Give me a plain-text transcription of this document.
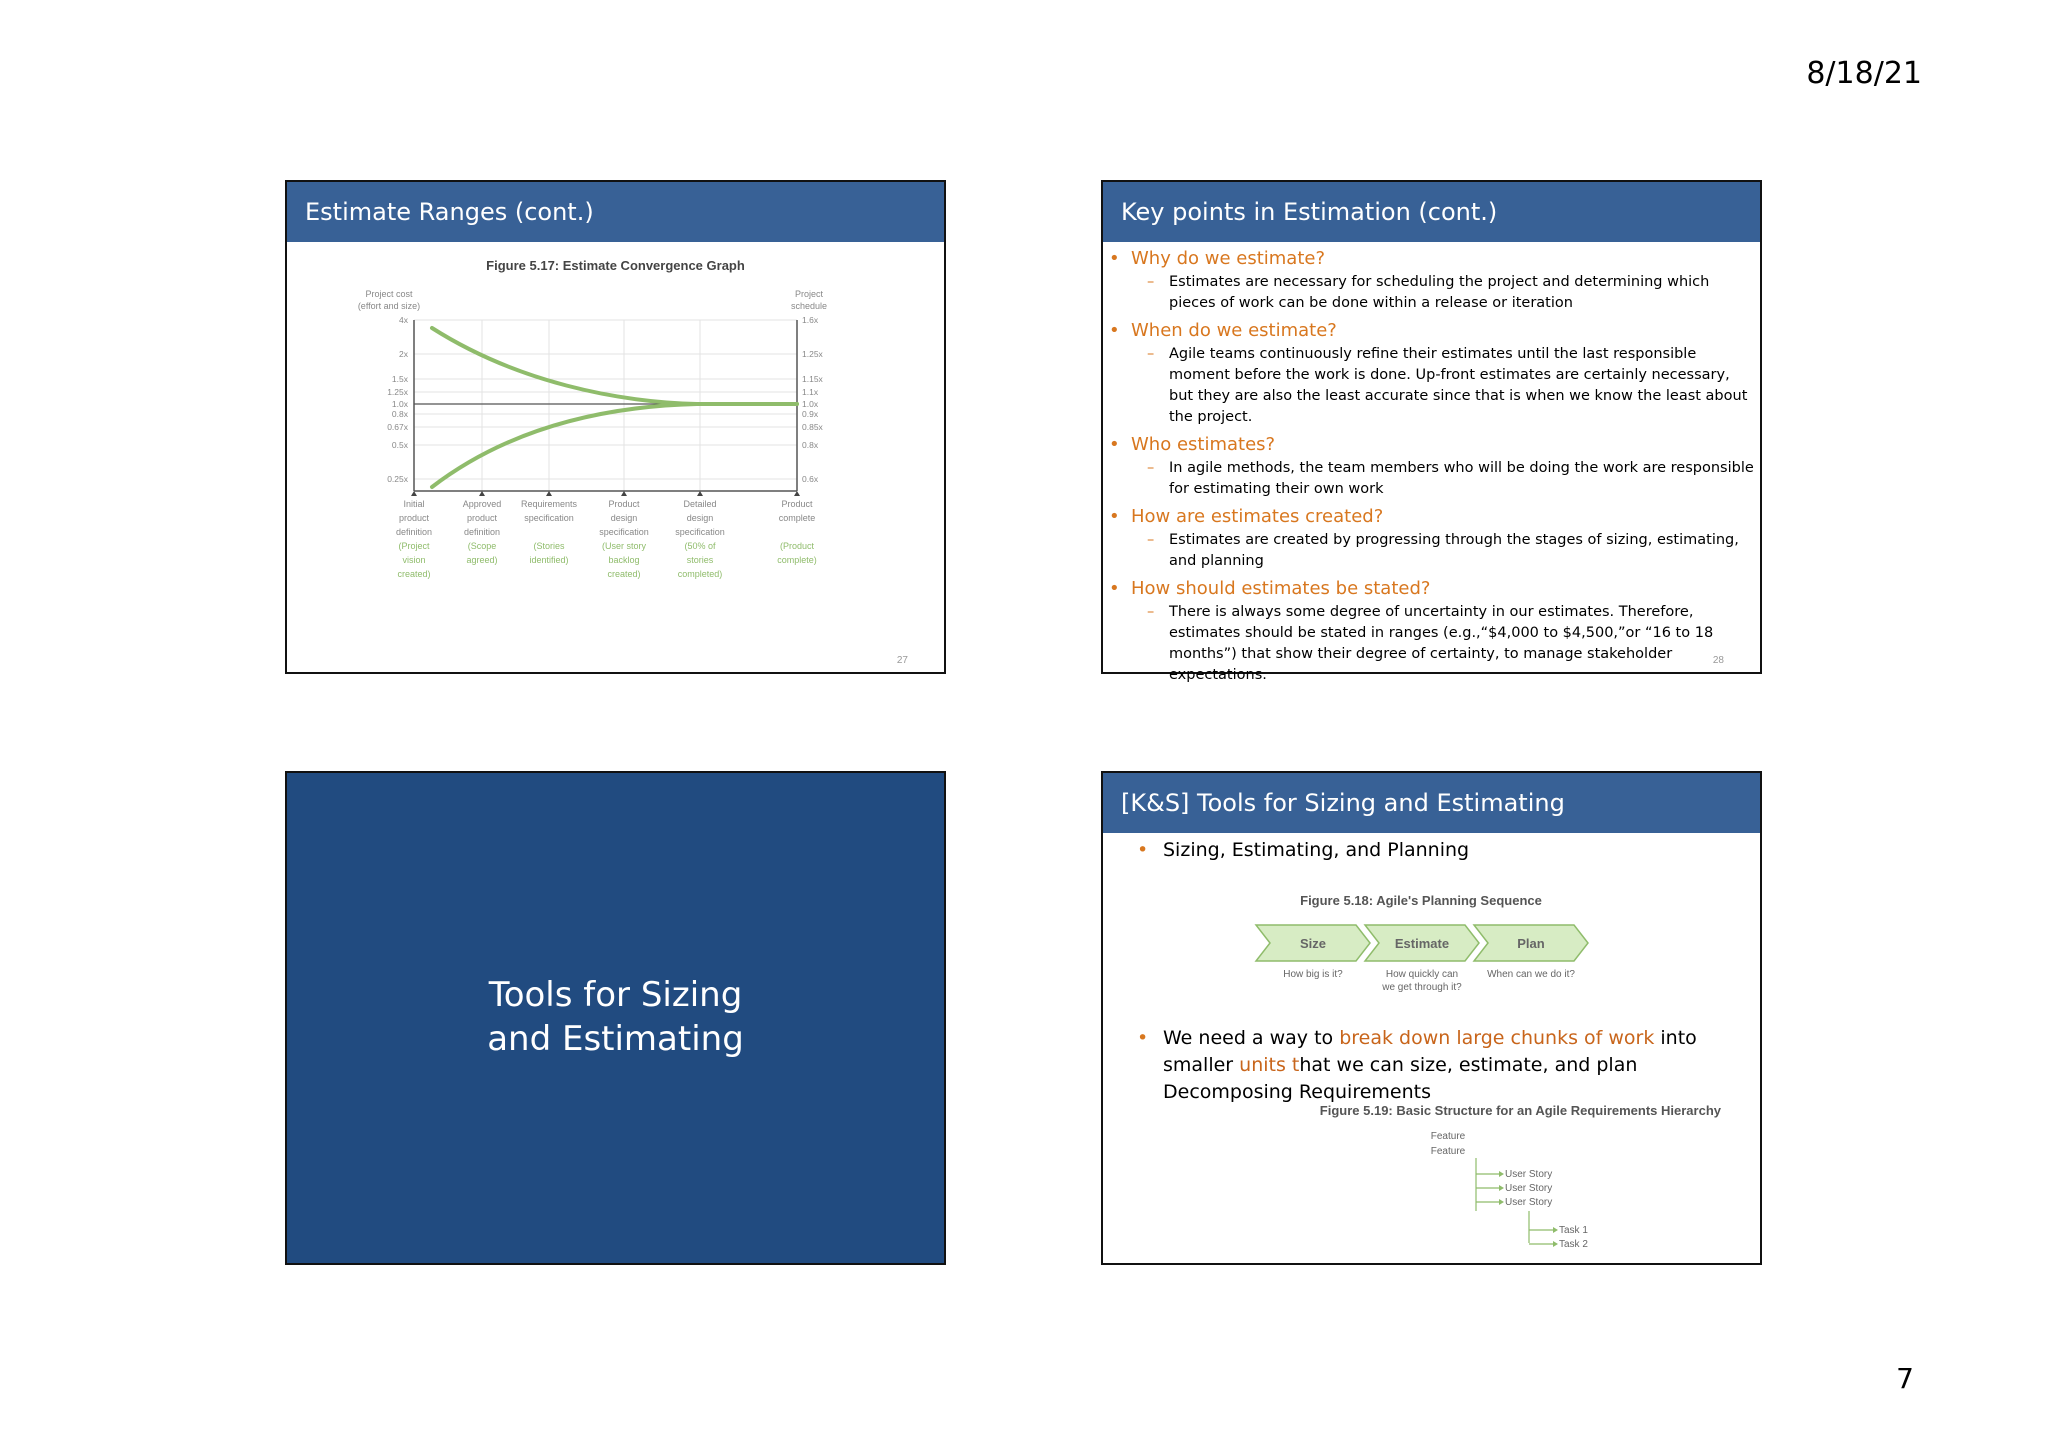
8/18/21
7
Estimate Ranges (cont.)
Figure 5.17: Estimate Convergence Graph
Project cost
(effort and size)
Project
schedule
4x
2x
1.5x
1.25x
1.0x
0.8x
0.67x
0.5x
0.25x
1.6x
1.25x
1.15x
1.1x
1.0x
0.9x
0.85x
0.8x
0.6x
Initial
product
definition
(Project
vision
created)
Approved
product
definition
(Scope
agreed)
Requirements
specification
(Stories
identified)
Product
design
specification
(User story
backlog
created)
Detailed
design
specification
(50% of
stories
completed)
Product
complete
(Product
complete)
27
Key points in Estimation (cont.)
• Why do we estimate?
–	Estimates are necessary for scheduling the project and determining which pieces of work can be done within a release or iteration
• When do we estimate?
–	Agile teams continuously refine their estimates until the last responsible moment before the work is done. Up-front estimates are certainly necessary, but they are also the least accurate since that is when we know the least about the project.
• Who estimates?
–	In agile methods, the team members who will be doing the work are responsible for estimating their own work
• How are estimates created?
–	Estimates are created by progressing through the stages of sizing, estimating, and planning
• How should estimates be stated?
–	There is always some degree of uncertainty in our estimates. Therefore, estimates should be stated in ranges (e.g.,“$4,000 to $4,500,”or “16 to 18 months”) that show their degree of certainty, to manage stakeholder expectations.
28
Tools for Sizing
and Estimating
[K&S] Tools for Sizing and Estimating
• Sizing, Estimating, and Planning
Figure 5.18: Agile's Planning Sequence
Size
How big is it?
Estimate
How quickly can
we get through it?
Plan
When can we do it?
• We need a way to break down large chunks of work into smaller units that we can size, estimate, and plan Decomposing Requirements
Figure 5.19: Basic Structure for an Agile Requirements Hierarchy
Feature
Feature
User Story
User Story
User Story
Task 1
Task 2
